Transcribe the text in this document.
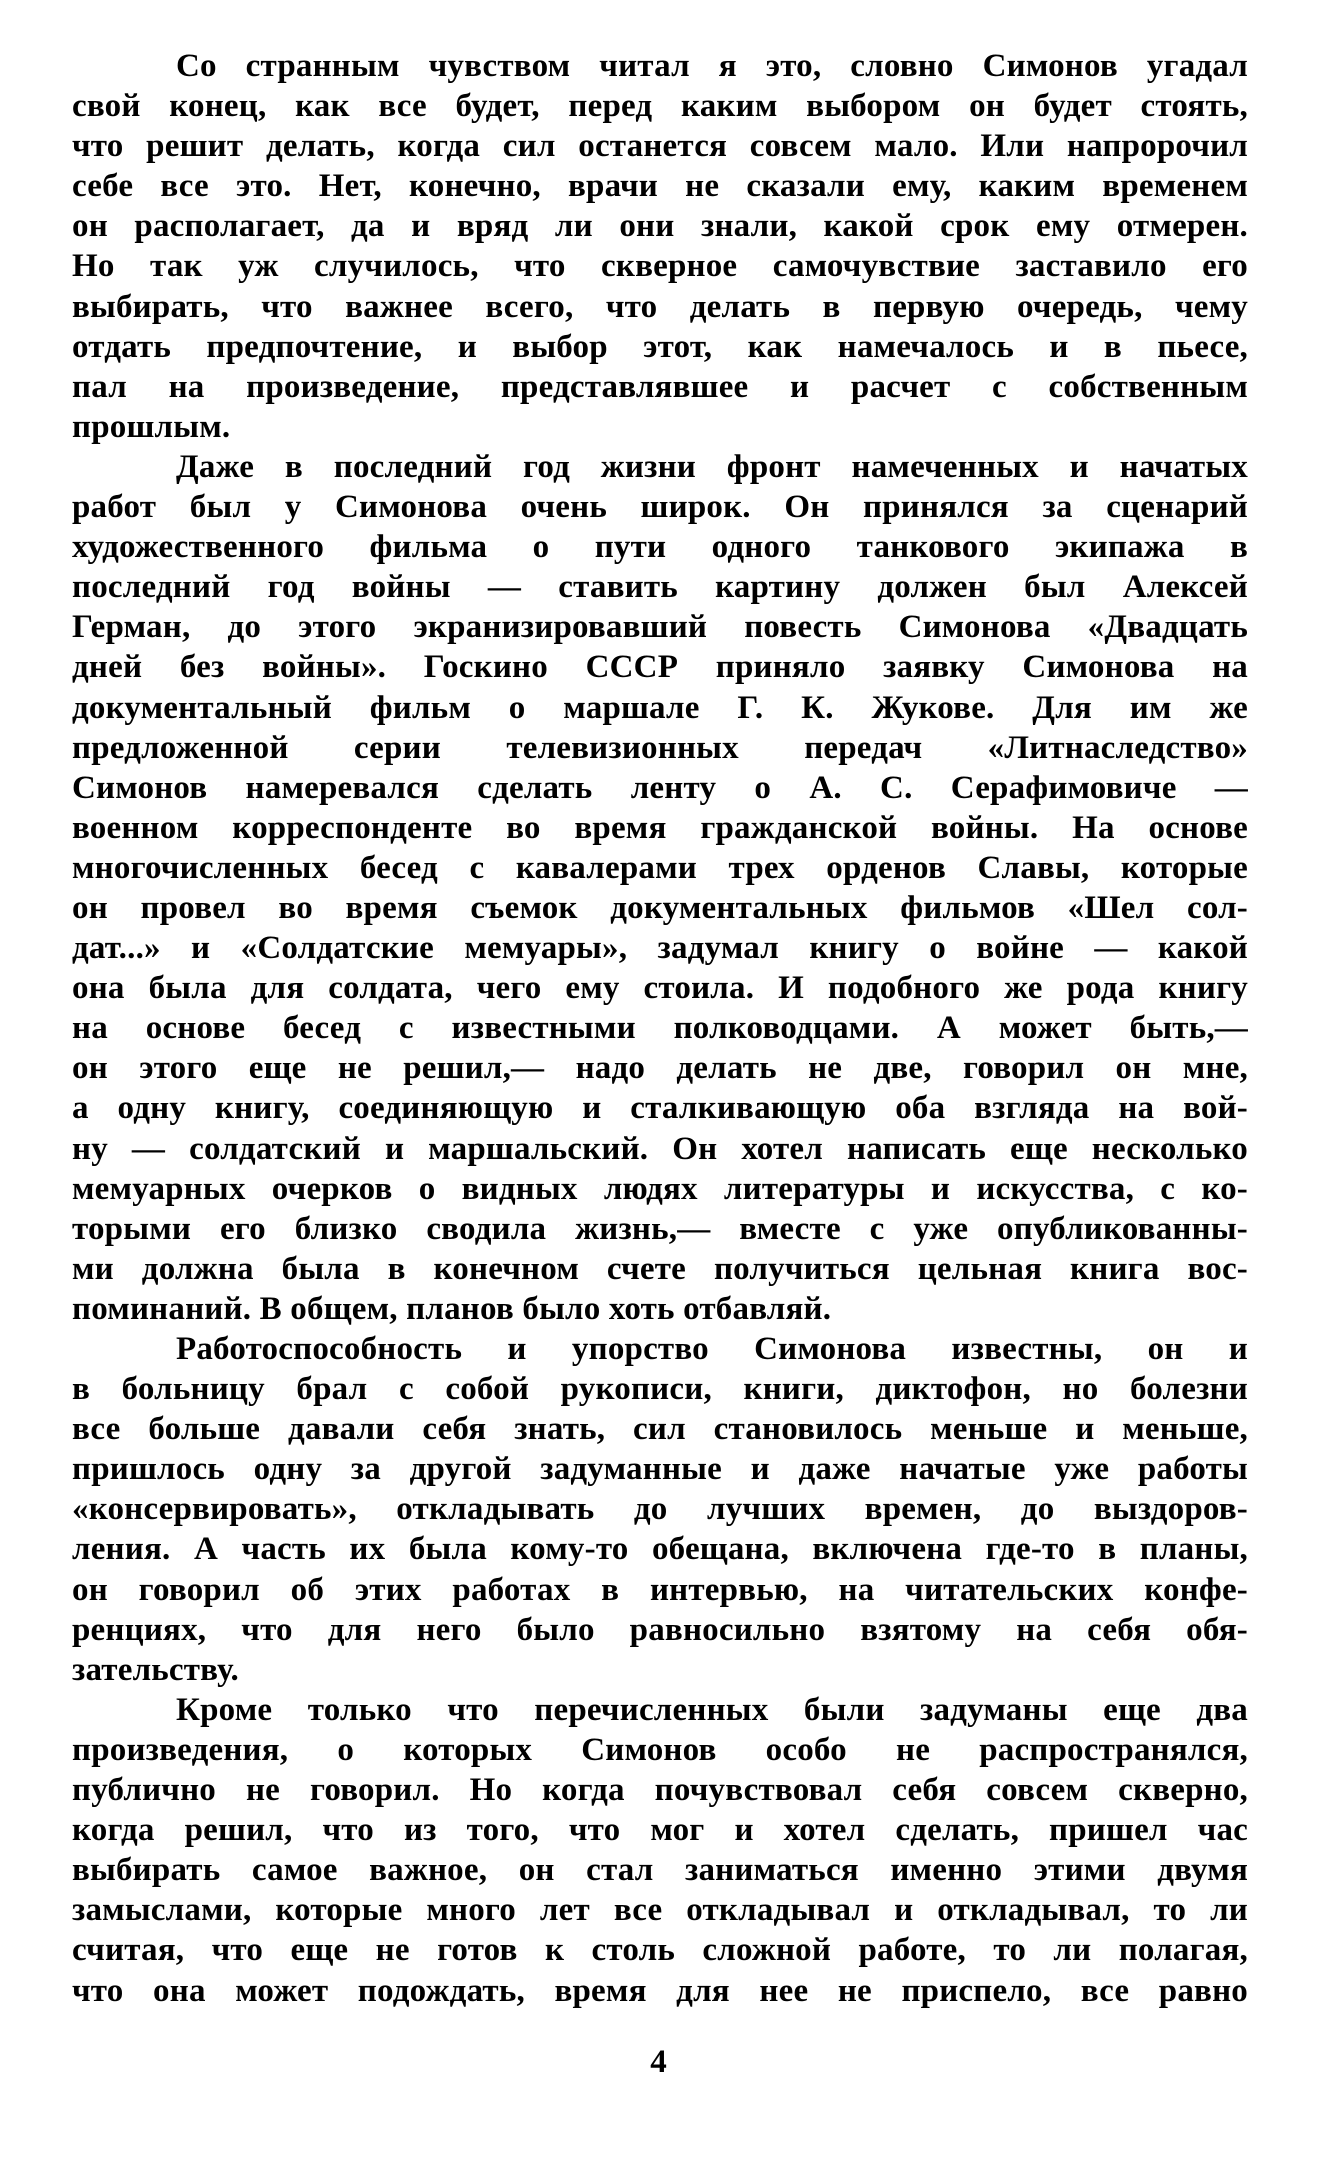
Со странным чувством читал я это, словно Симонов угадал
свой конец, как все будет, перед каким выбором он будет стоять,
что решит делать, когда сил останется совсем мало. Или напророчил
себе все это. Нет, конечно, врачи не сказали ему, каким временем
он располагает, да и вряд ли они знали, какой срок ему отмерен.
Но так уж случилось, что скверное самочувствие заставило его
выбирать, что важнее всего, что делать в первую очередь, чему
отдать предпочтение, и выбор этот, как намечалось и в пьесе,
пал на произведение, представлявшее и расчет с собственным
прошлым.
Даже в последний год жизни фронт намеченных и начатых
работ был у Симонова очень широк. Он принялся за сценарий
художественного фильма о пути одного танкового экипажа в
последний год войны — ставить картину должен был Алексей
Герман, до этого экранизировавший повесть Симонова «Двадцать
дней без войны». Госкино СССР приняло заявку Симонова на
документальный фильм о маршале Г. К. Жукове. Для им же
предложенной серии телевизионных передач «Литнаследство»
Симонов намеревался сделать ленту о А. С. Серафимовиче —
военном корреспонденте во время гражданской войны. На основе
многочисленных бесед с кавалерами трех орденов Славы, которые
он провел во время съемок документальных фильмов «Шел сол-
дат...» и «Солдатские мемуары», задумал книгу о войне — какой
она была для солдата, чего ему стоила. И подобного же рода книгу
на основе бесед с известными полководцами. А может быть,—
он этого еще не решил,— надо делать не две, говорил он мне,
а одну книгу, соединяющую и сталкивающую оба взгляда на вой-
ну — солдатский и маршальский. Он хотел написать еще несколько
мемуарных очерков о видных людях литературы и искусства, с ко-
торыми его близко сводила жизнь,— вместе с уже опубликованны-
ми должна была в конечном счете получиться цельная книга вос-
поминаний. В общем, планов было хоть отбавляй.
Работоспособность и упорство Симонова известны, он и
в больницу брал с собой рукописи, книги, диктофон, но болезни
все больше давали себя знать, сил становилось меньше и меньше,
пришлось одну за другой задуманные и даже начатые уже работы
«консервировать», откладывать до лучших времен, до выздоров-
ления. А часть их была кому-то обещана, включена где-то в планы,
он говорил об этих работах в интервью, на читательских конфе-
ренциях, что для него было равносильно взятому на себя обя-
зательству.
Кроме только что перечисленных были задуманы еще два
произведения, о которых Симонов особо не распространялся,
публично не говорил. Но когда почувствовал себя совсем скверно,
когда решил, что из того, что мог и хотел сделать, пришел час
выбирать самое важное, он стал заниматься именно этими двумя
замыслами, которые много лет все откладывал и откладывал, то ли
считая, что еще не готов к столь сложной работе, то ли полагая,
что она может подождать, время для нее не приспело, все равно
4
